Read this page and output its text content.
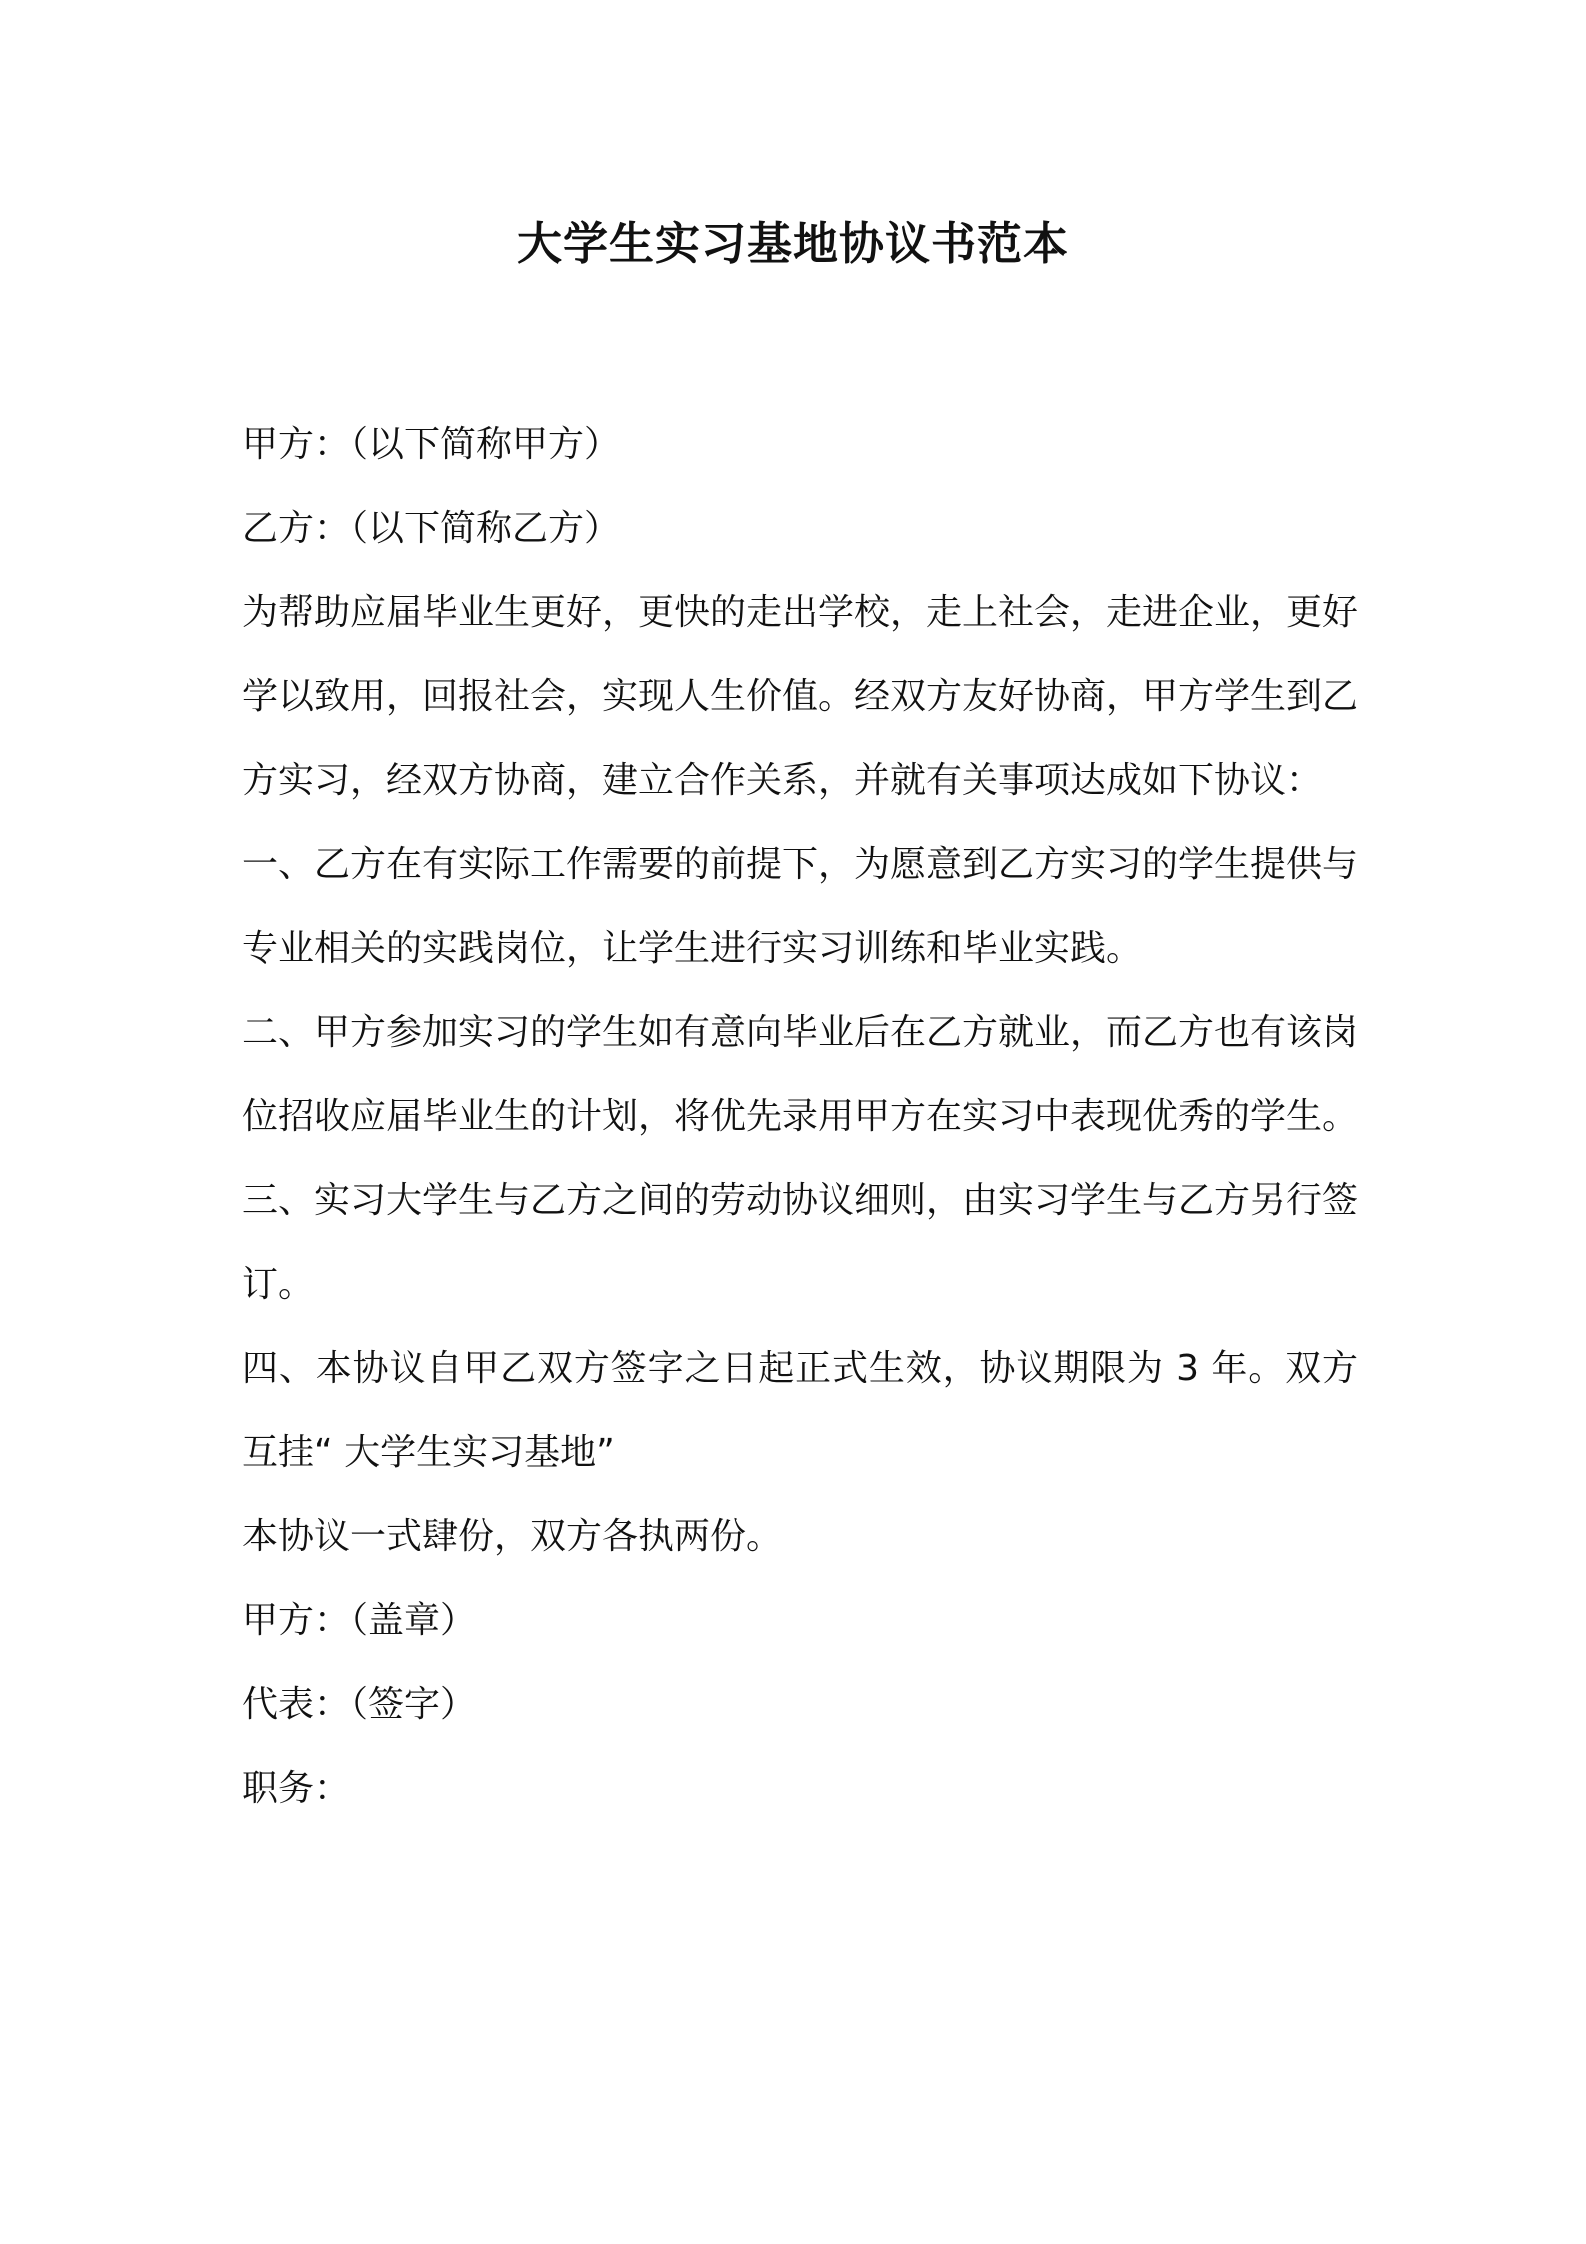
大学生实习基地协议书范本

甲方：（以下简称甲方）

乙方：（以下简称乙方）

为帮助应届毕业生更好，更快的走出学校，走上社会，走进企业，更好学以致用，回报社会，实现人生价值。经双方友好协商，甲方学生到乙方实习，经双方协商，建立合作关系，并就有关事项达成如下协议：

一、乙方在有实际工作需要的前提下，为愿意到乙方实习的学生提供与专业相关的实践岗位，让学生进行实习训练和毕业实践。

二、甲方参加实习的学生如有意向毕业后在乙方就业，而乙方也有该岗位招收应届毕业生的计划，将优先录用甲方在实习中表现优秀的学生。

三、实习大学生与乙方之间的劳动协议细则，由实习学生与乙方另行签订。

四、本协议自甲乙双方签字之日起正式生效，协议期限为 3 年。双方互挂“ 大学生实习基地”

本协议一式肆份，双方各执两份。

甲方：（盖章）

代表：（签字）

职务：
